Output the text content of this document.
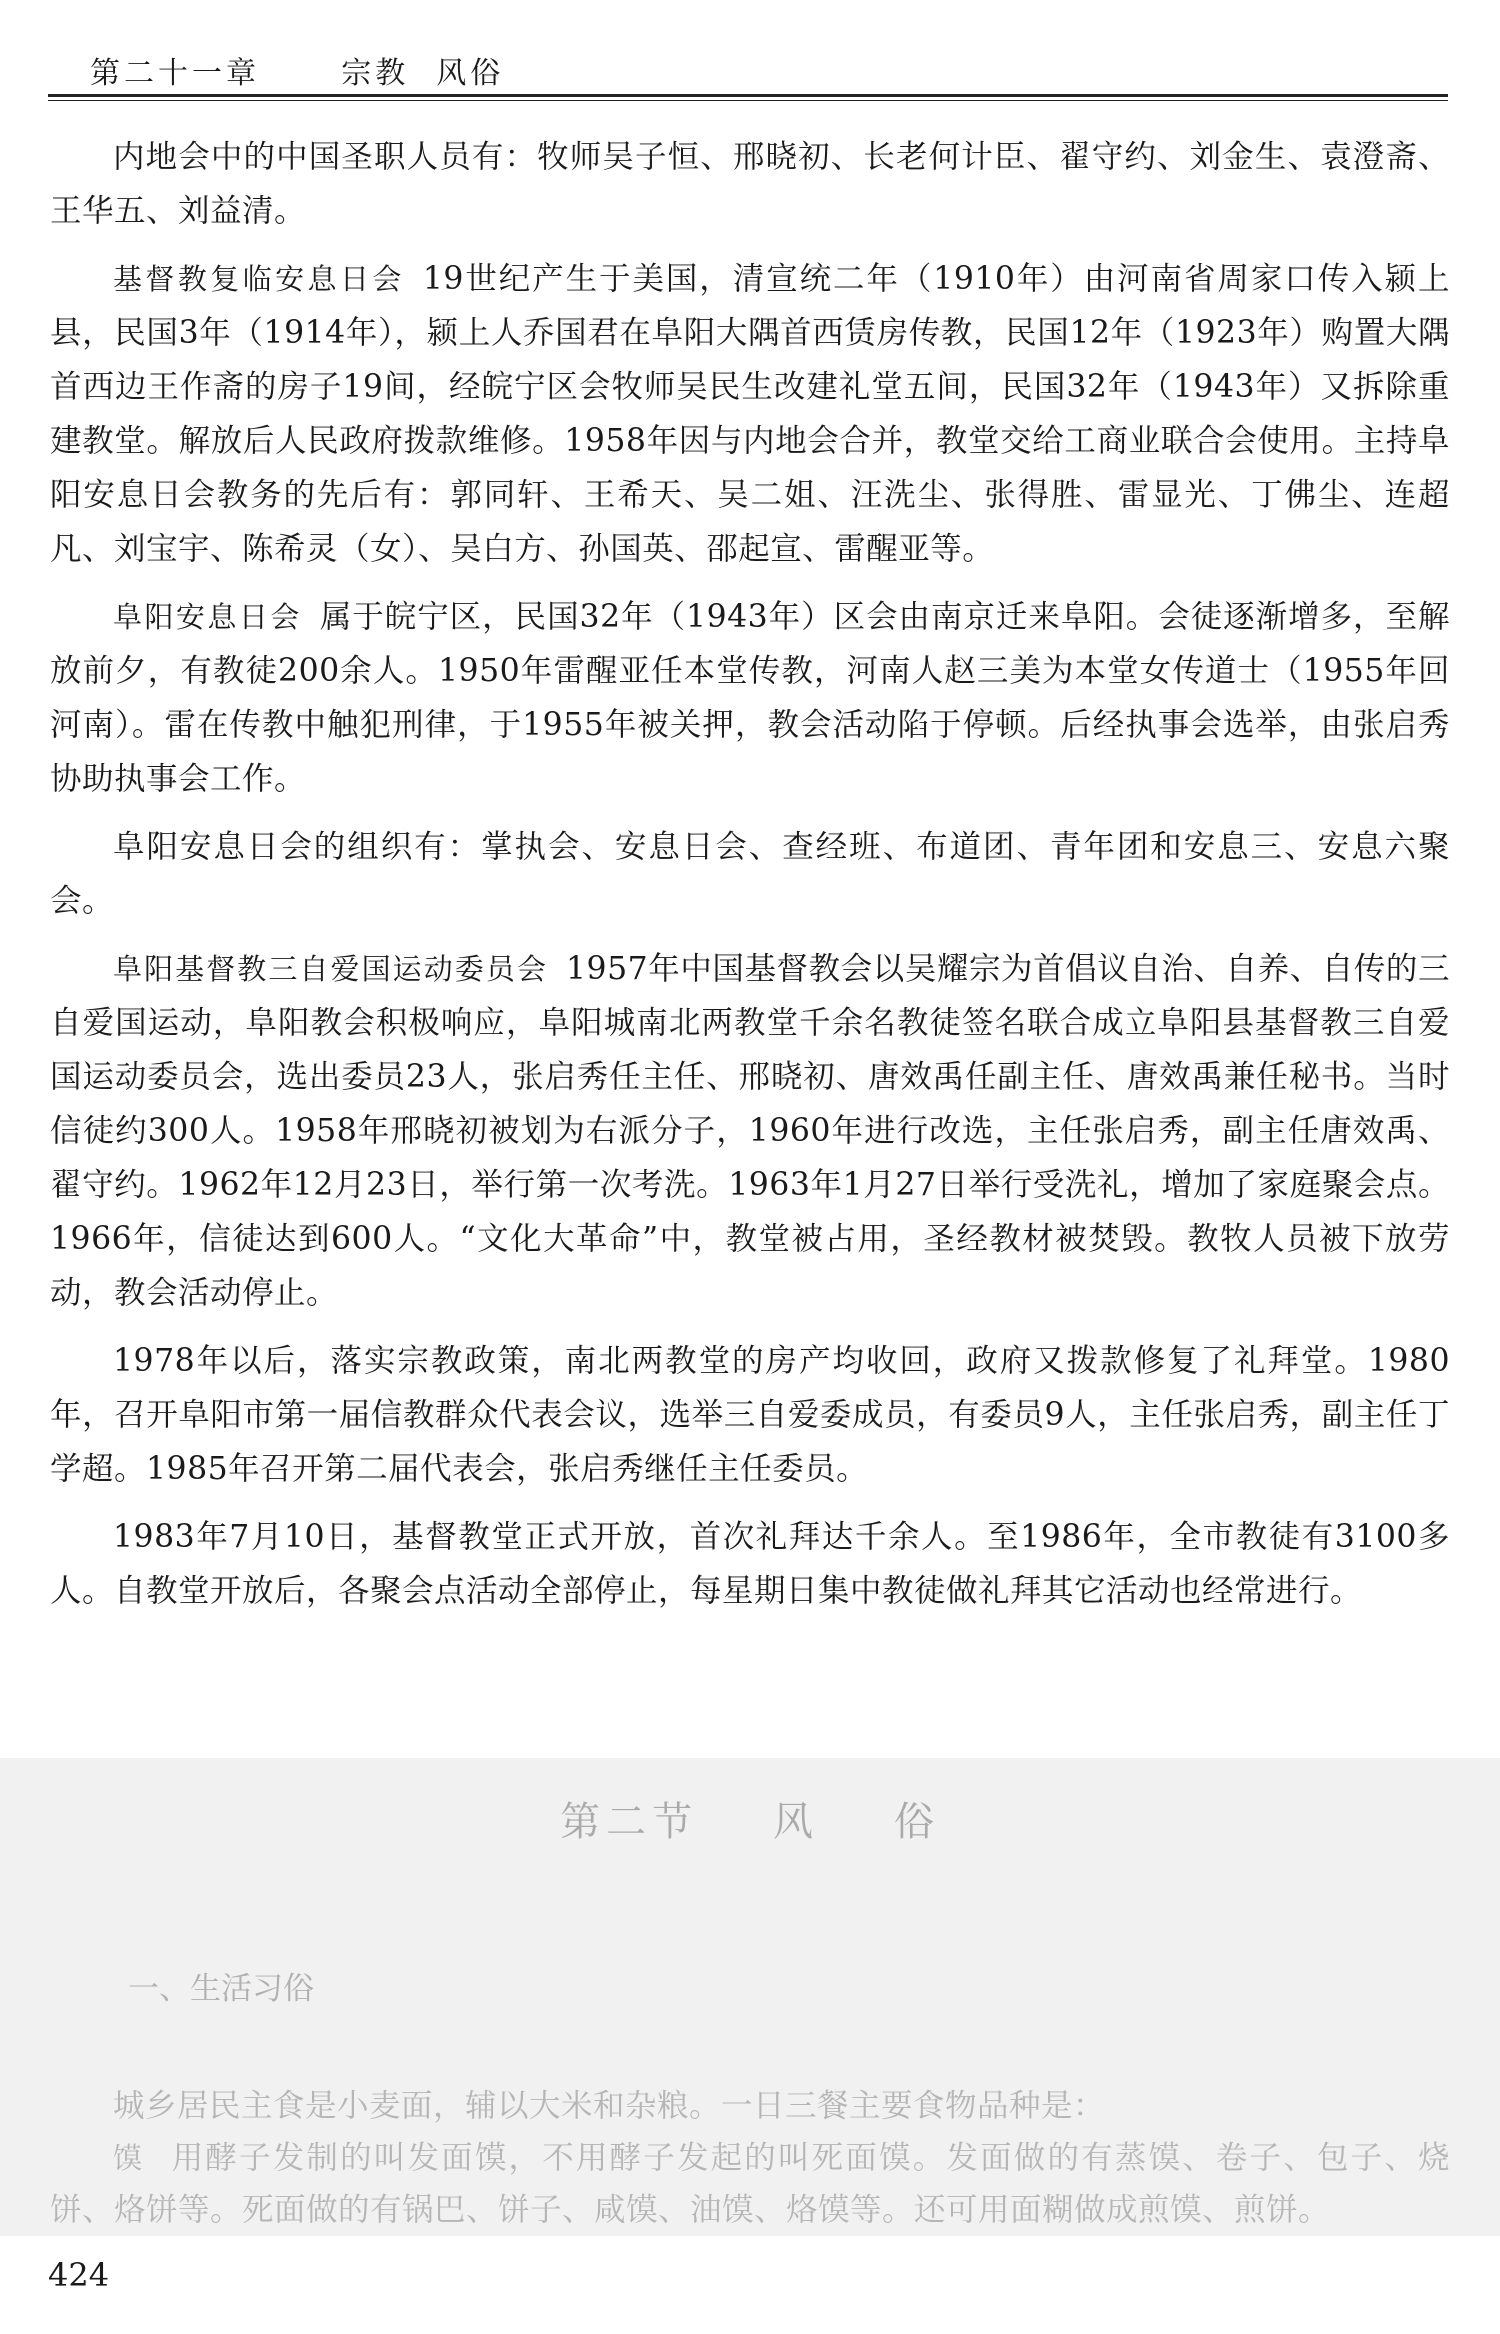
第二十一章	宗教  风俗

内地会中的中国圣职人员有：牧师吴子恒、邢晓初、长老何计臣、翟守约、刘金生、袁澄斋、王华五、刘益清。

基督教复临安息日会 19世纪产生于美国，清宣统二年（1910年）由河南省周家口传入颍上县，民国3年（1914年），颍上人乔国君在阜阳大隅首西赁房传教，民国12年（1923年）购置大隅首西边王作斋的房子19间，经皖宁区会牧师吴民生改建礼堂五间，民国32年（1943年）又拆除重建教堂。解放后人民政府拨款维修。1958年因与内地会合并，教堂交给工商业联合会使用。主持阜阳安息日会教务的先后有：郭同轩、王希天、吴二姐、汪洗尘、张得胜、雷显光、丁佛尘、连超凡、刘宝宇、陈希灵（女）、吴白方、孙国英、邵起宣、雷醒亚等。

阜阳安息日会 属于皖宁区，民国32年（1943年）区会由南京迁来阜阳。会徒逐渐增多，至解放前夕，有教徒200余人。1950年雷醒亚任本堂传教，河南人赵三美为本堂女传道士（1955年回河南）。雷在传教中触犯刑律，于1955年被关押，教会活动陷于停顿。后经执事会选举，由张启秀协助执事会工作。

阜阳安息日会的组织有：掌执会、安息日会、查经班、布道团、青年团和安息三、安息六聚会。

阜阳基督教三自爱国运动委员会 1957年中国基督教会以吴耀宗为首倡议自治、自养、自传的三自爱国运动，阜阳教会积极响应，阜阳城南北两教堂千余名教徒签名联合成立阜阳县基督教三自爱国运动委员会，选出委员23人，张启秀任主任、邢晓初、唐效禹任副主任、唐效禹兼任秘书。当时信徒约300人。1958年邢晓初被划为右派分子，1960年进行改选，主任张启秀，副主任唐效禹、翟守约。1962年12月23日，举行第一次考洗。1963年1月27日举行受洗礼，增加了家庭聚会点。1966年，信徒达到600人。“文化大革命”中，教堂被占用，圣经教材被焚毁。教牧人员被下放劳动，教会活动停止。

1978年以后，落实宗教政策，南北两教堂的房产均收回，政府又拨款修复了礼拜堂。1980年，召开阜阳市第一届信教群众代表会议，选举三自爱委成员，有委员9人，主任张启秀，副主任丁学超。1985年召开第二届代表会，张启秀继任主任委员。

1983年7月10日，基督教堂正式开放，首次礼拜达千余人。至1986年，全市教徒有3100多人。自教堂开放后，各聚会点活动全部停止，每星期日集中教徒做礼拜其它活动也经常进行。

第二节    风    俗
一、生活习俗

城乡居民主食是小麦面，辅以大米和杂粮。一日三餐主要食物品种是：

馍 用酵子发制的叫发面馍，不用酵子发起的叫死面馍。发面做的有蒸馍、卷子、包子、烧饼、烙饼等。死面做的有锅巴、饼子、咸馍、油馍、烙馍等。还可用面糊做成煎馍、煎饼。

424
